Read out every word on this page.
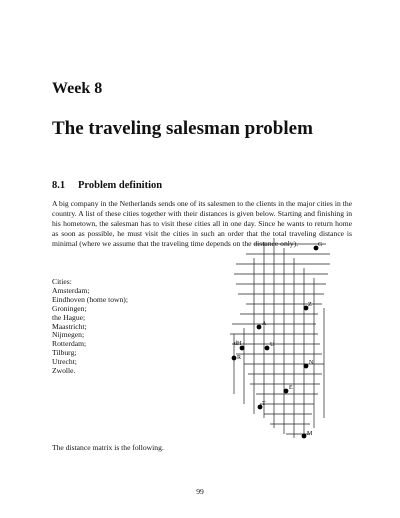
Week 8
The traveling salesman problem
8.1 Problem definition

A big company in the Netherlands sends one of its salesmen to the clients in the major cities in the country. A list of these cities together with their distances is given below. Starting and finishing in his hometown, the salesman has to visit these cities all in one day. Since he wants to return home as soon as possible, he must visit the cities in such an order that the total traveling distance is minimal (where we assume that the traveling time depends on the distance only).

Cities:
Amsterdam;
Eindhoven (home town);
Groningen;
the Hague;
Maastricht;
Nijmegen;
Rotterdam;
Tilburg;
Utrecht;
Zwolle.
G
Z
A
dH	U
R
N
T
E
M

The distance matrix is the following.

99
